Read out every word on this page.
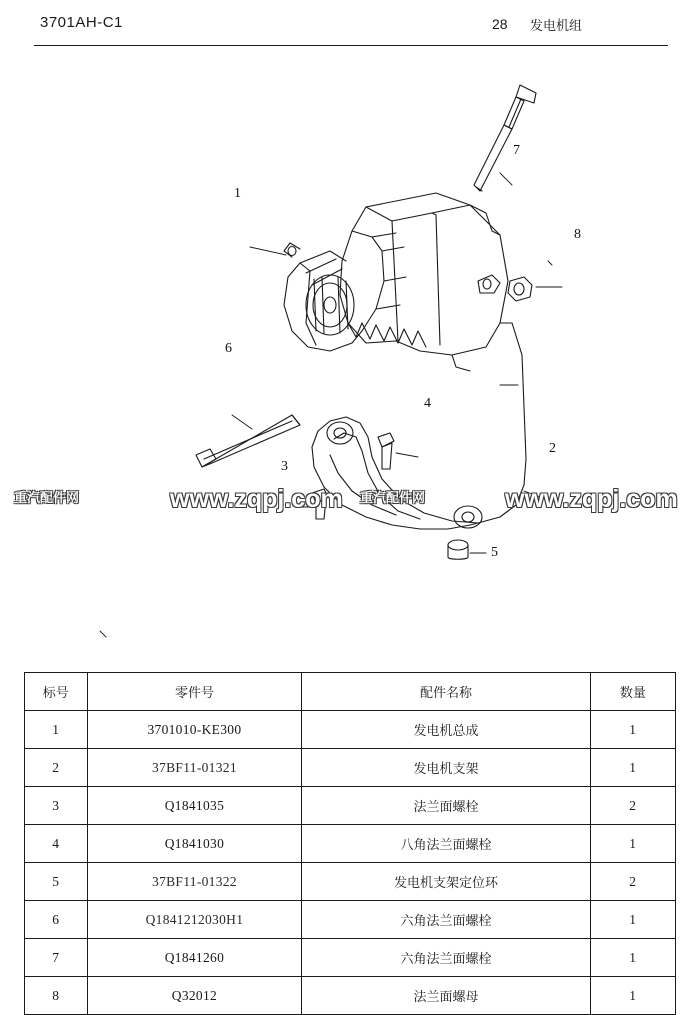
3701AH-C1	28 发电机组
1
2
3
4
5
6
7
8
重汽配件网	www.zqpj.com 重汽配件网	www.zqpj.com
标号	零件号	配件名称	数量
1	3701010-KE300	发电机总成	1
2	37BF11-01321	发电机支架	1
3	Q1841035	法兰面螺栓	2
4	Q1841030	八角法兰面螺栓	1
5	37BF11-01322	发电机支架定位环	2
6	Q1841212030H1	六角法兰面螺栓	1
7	Q1841260	六角法兰面螺栓	1
8	Q32012	法兰面螺母	1
